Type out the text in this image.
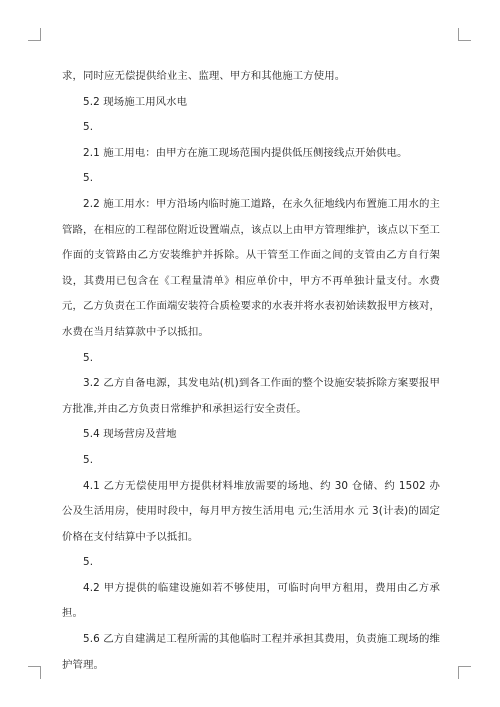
求，同时应无偿提供给业主、监理、甲方和其他施工方使用。

5.2 现场施工用风水电

5.

2.1 施工用电：由甲方在施工现场范围内提供低压侧接线点开始供电。

5.

2.2 施工用水：甲方沿场内临时施工道路，在永久征地线内布置施工用水的主管路，在相应的工程部位附近设置端点，该点以上由甲方管理维护，该点以下至工作面的支管路由乙方安装维护并拆除。从干管至工作面之间的支管由乙方自行架设，其费用已包含在《工程量清单》相应单价中，甲方不再单独计量支付。水费 元，乙方负责在工作面端安装符合质检要求的水表并将水表初始读数报甲方核对，水费在当月结算款中予以抵扣。

5.

3.2 乙方自备电源，其发电站(机)到各工作面的整个设施安装拆除方案要报甲方批准,并由乙方负责日常维护和承担运行安全责任。

5.4 现场营房及营地

5.

4.1 乙方无偿使用甲方提供材料堆放需要的场地、约 30 仓储、约 1502 办公及生活用房，使用时段中，每月甲方按生活用电 元;生活用水 元 3(计表)的固定价格在支付结算中予以抵扣。

5.

4.2 甲方提供的临建设施如若不够使用，可临时向甲方租用，费用由乙方承担。

5.6 乙方自建满足工程所需的其他临时工程并承担其费用，负责施工现场的维护管理。
